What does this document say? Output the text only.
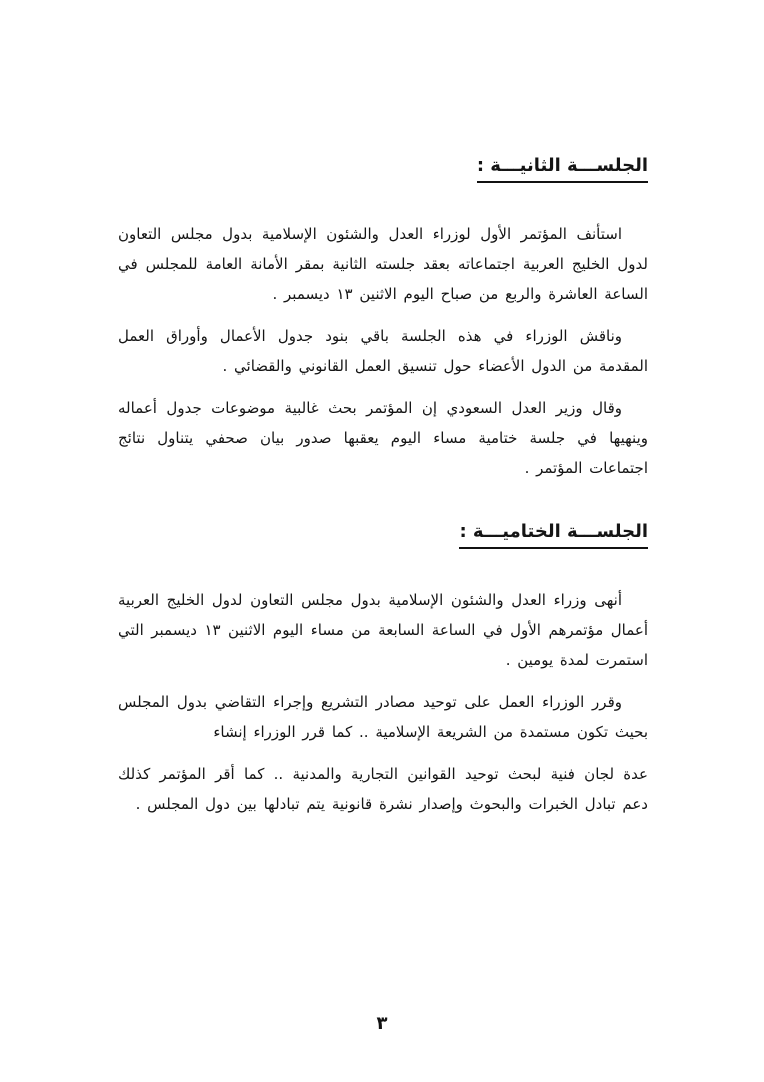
الجلســـة الثانيـــة :

استأنف المؤتمر الأول لوزراء العدل والشئون الإسلامية بدول مجلس التعاون لدول الخليج العربية اجتماعاته بعقد جلسته الثانية بمقر الأمانة العامة للمجلس في الساعة العاشرة والربع من صباح اليوم الاثنين ١٣ ديسمبر .

وناقش الوزراء في هذه الجلسة باقي بنود جدول الأعمال وأوراق العمل المقدمة من الدول الأعضاء حول تنسيق العمل القانوني والقضائي .

وقال وزير العدل السعودي إن المؤتمر بحث غالبية موضوعات جدول أعماله وينهيها في جلسة ختامية مساء اليوم يعقبها صدور بيان صحفي يتناول نتائج اجتماعات المؤتمر .

الجلســـة الختاميـــة :

أنهى وزراء العدل والشئون الإسلامية بدول مجلس التعاون لدول الخليج العربية أعمال مؤتمرهم الأول في الساعة السابعة من مساء اليوم الاثنين ١٣ ديسمبر التي استمرت لمدة يومين .

وقرر الوزراء العمل على توحيد مصادر التشريع وإجراء التقاضي بدول المجلس بحيث تكون مستمدة من الشريعة الإسلامية .. كما قرر الوزراء إنشاء

عدة لجان فنية لبحث توحيد القوانين التجارية والمدنية .. كما أقر المؤتمر كذلك دعم تبادل الخبرات والبحوث وإصدار نشرة قانونية يتم تبادلها بين دول المجلس .

٣
